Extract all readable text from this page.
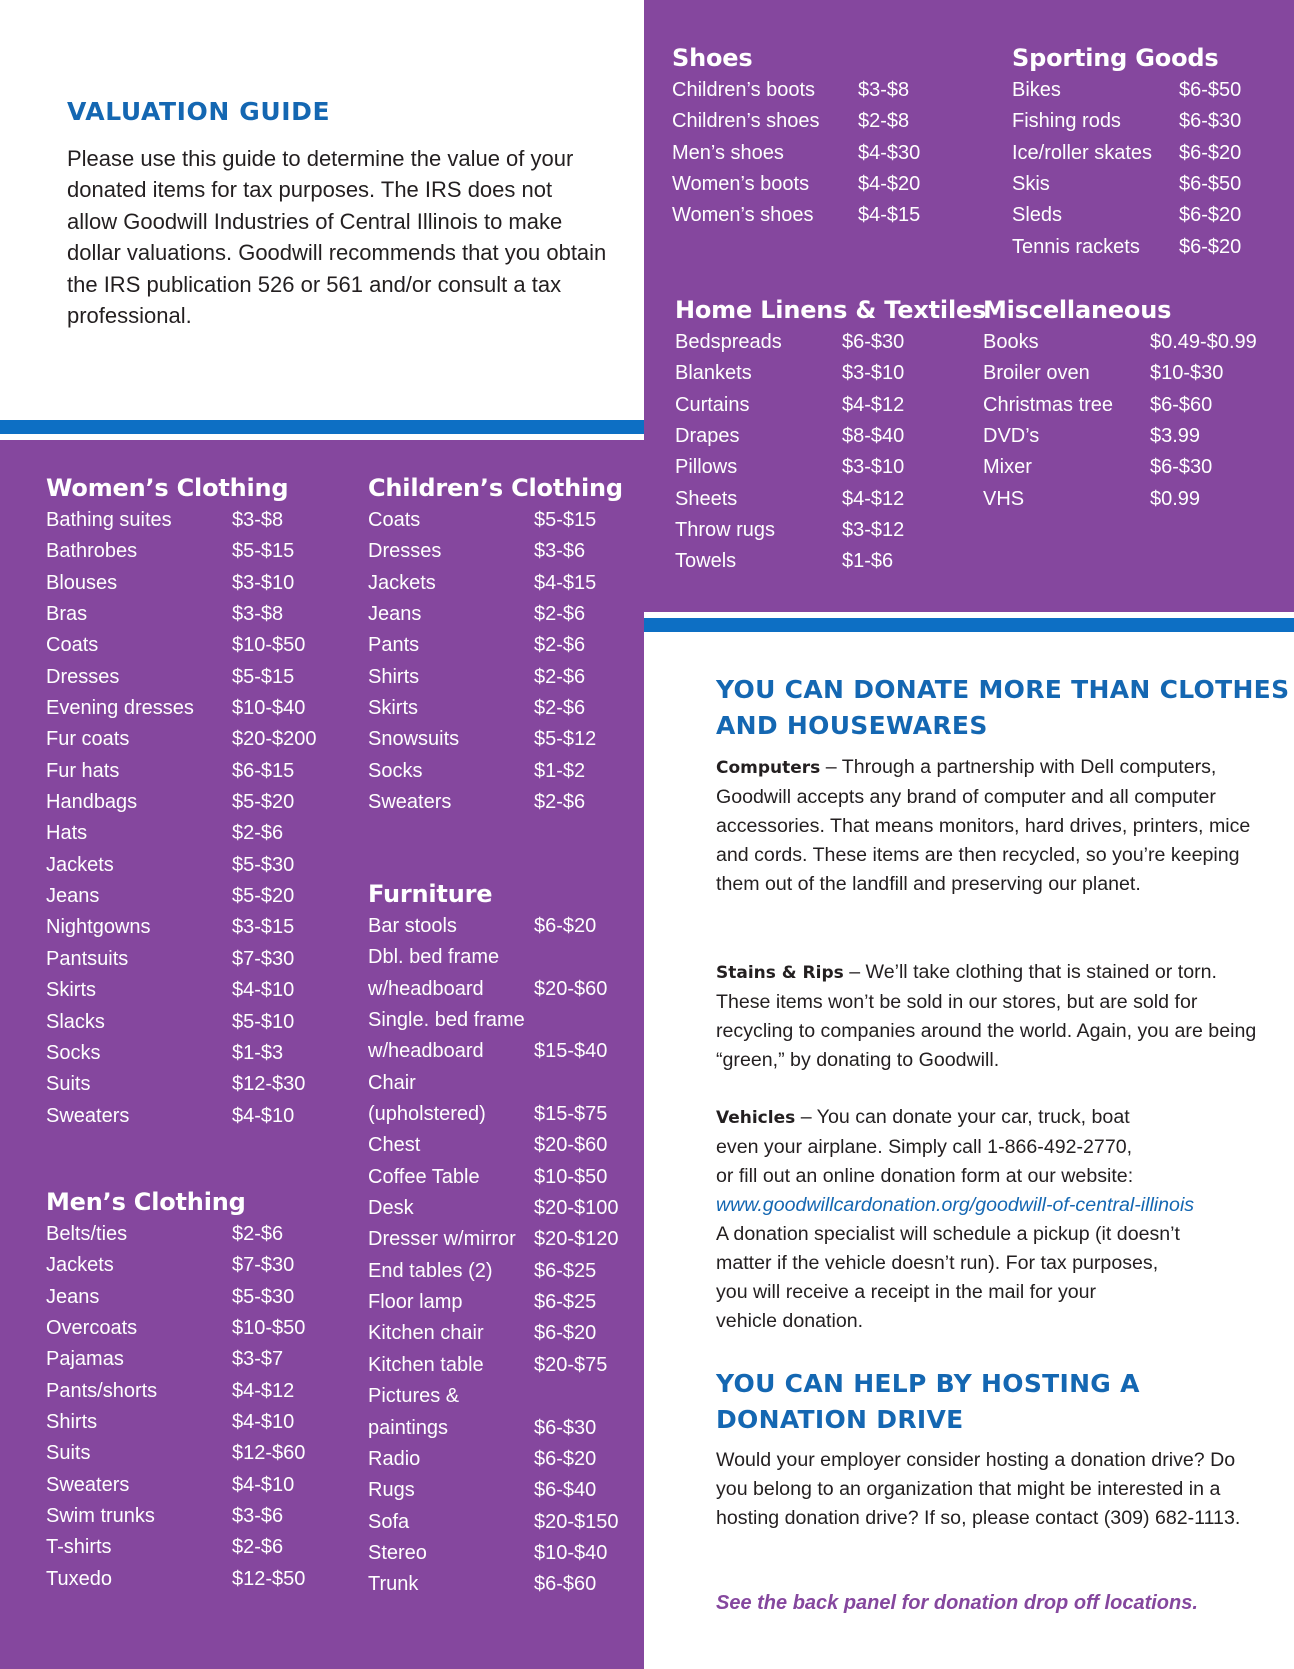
VALUATION GUIDE

Please use this guide to determine the value of your donated items for tax purposes. The IRS does not allow Goodwill Industries of Central Illinois to make dollar valuations. Goodwill recommends that you obtain the IRS publication 526 or 561 and/or consult a tax professional.

Shoes
Children’s boots	$3-$8
Children’s shoes	$2-$8
Men’s shoes	$4-$30
Women’s boots	$4-$20
Women’s shoes	$4-$15
Sporting Goods
Bikes	$6-$50
Fishing rods	$6-$30
Ice/roller skates	$6-$20
Skis	$6-$50
Sleds	$6-$20
Tennis rackets	$6-$20
Home Linens & Textiles
Bedspreads	$6-$30
Blankets	$3-$10
Curtains	$4-$12
Drapes	$8-$40
Pillows	$3-$10
Sheets	$4-$12
Throw rugs	$3-$12
Towels	$1-$6
Miscellaneous
Books	$0.49-$0.99
Broiler oven	$10-$30
Christmas tree	$6-$60
DVD’s	$3.99
Mixer	$6-$30
VHS	$0.99
Women’s Clothing
Bathing suites	$3-$8
Bathrobes	$5-$15
Blouses	$3-$10
Bras	$3-$8
Coats	$10-$50
Dresses	$5-$15
Evening dresses	$10-$40
Fur coats	$20-$200
Fur hats	$6-$15
Handbags	$5-$20
Hats	$2-$6
Jackets	$5-$30
Jeans	$5-$20
Nightgowns	$3-$15
Pantsuits	$7-$30
Skirts	$4-$10
Slacks	$5-$10
Socks	$1-$3
Suits	$12-$30
Sweaters	$4-$10
Men’s Clothing
Belts/ties	$2-$6
Jackets	$7-$30
Jeans	$5-$30
Overcoats	$10-$50
Pajamas	$3-$7
Pants/shorts	$4-$12
Shirts	$4-$10
Suits	$12-$60
Sweaters	$4-$10
Swim trunks	$3-$6
T-shirts	$2-$6
Tuxedo	$12-$50
Children’s Clothing
Coats	$5-$15
Dresses	$3-$6
Jackets	$4-$15
Jeans	$2-$6
Pants	$2-$6
Shirts	$2-$6
Skirts	$2-$6
Snowsuits	$5-$12
Socks	$1-$2
Sweaters	$2-$6
Furniture
Bar stools	$6-$20
Dbl. bed frame
w/headboard	$20-$60
Single. bed frame
w/headboard	$15-$40
Chair
(upholstered)	$15-$75
Chest	$20-$60
Coffee Table	$10-$50
Desk	$20-$100
Dresser w/mirror $20-$120
End tables (2)	$6-$25
Floor lamp	$6-$25
Kitchen chair	$6-$20
Kitchen table	$20-$75
Pictures &
paintings	$6-$30
Radio	$6-$20
Rugs	$6-$40
Sofa	$20-$150
Stereo	$10-$40
Trunk	$6-$60
YOU CAN DONATE MORE THAN CLOTHES
AND HOUSEWARES

Computers – Through a partnership with Dell computers, Goodwill accepts any brand of computer and all computer accessories. That means monitors, hard drives, printers, mice and cords. These items are then recycled, so you’re keeping them out of the landfill and preserving our planet.

Stains & Rips – We’ll take clothing that is stained or torn. These items won’t be sold in our stores, but are sold for recycling to companies around the world. Again, you are being “green,” by donating to Goodwill.

Vehicles – You can donate your car, truck, boat
even your airplane. Simply call 1-866-492-2770,
or fill out an online donation form at our website:
www.goodwillcardonation.org/goodwill-of-central-illinois
A donation specialist will schedule a pickup (it doesn’t
matter if the vehicle doesn’t run). For tax purposes,
you will receive a receipt in the mail for your
vehicle donation.
YOU CAN HELP BY HOSTING A
DONATION DRIVE

Would your employer consider hosting a donation drive? Do you belong to an organization that might be interested in a hosting donation drive? If so, please contact (309) 682-1113.

See the back panel for donation drop off locations.
